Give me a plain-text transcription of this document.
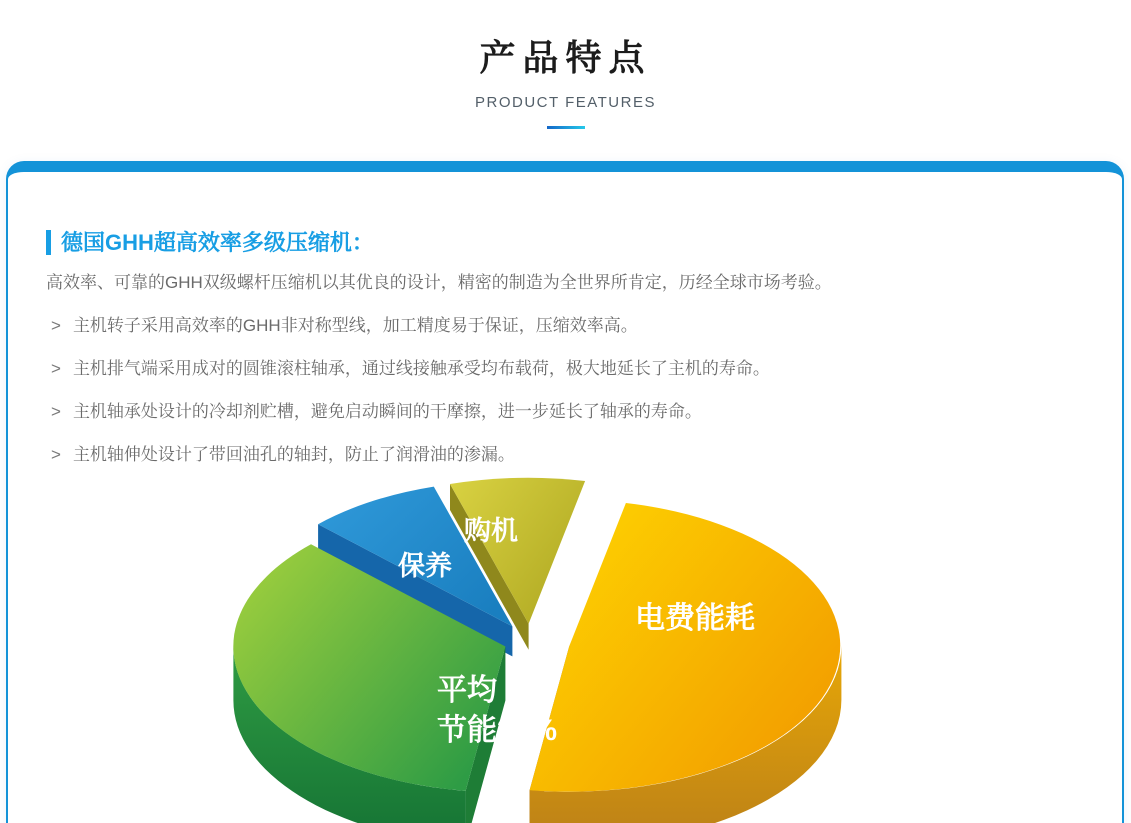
产品特点
PRODUCT FEATURES
德国GHH超高效率多级压缩机：
高效率、可靠的GHH双级螺杆压缩机以其优良的设计，精密的制造为全世界所肯定，历经全球市场考验。
> 主机转子采用高效率的GHH非对称型线，加工精度易于保证，压缩效率高。
> 主机排气端采用成对的圆锥滚柱轴承，通过线接触承受均布载荷，极大地延长了主机的寿命。
> 主机轴承处设计的冷却剂贮槽，避免启动瞬间的干摩擦，进一步延长了轴承的寿命。
> 主机轴伸处设计了带回油孔的轴封，防止了润滑油的渗漏。
电费能耗
平均
节能30%
保养
购机
